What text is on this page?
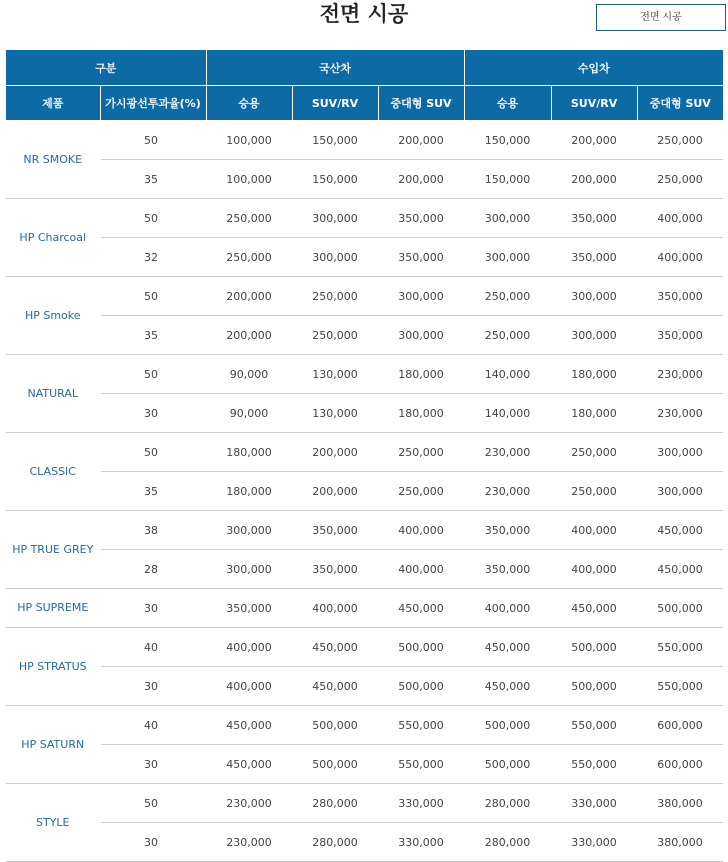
전면 시공	전면 시공
구분		국산차			수입차		
제품	가시광선투과율(%)	승용	SUV/RV	중대형 SUV	승용	SUV/RV	중대형 SUV
NR SMOKE	50	100,000	150,000	200,000	150,000	200,000	250,000
	35	100,000	150,000	200,000	150,000	200,000	250,000
HP Charcoal	50	250,000	300,000	350,000	300,000	350,000	400,000
	32	250,000	300,000	350,000	300,000	350,000	400,000
HP Smoke	50	200,000	250,000	300,000	250,000	300,000	350,000
	35	200,000	250,000	300,000	250,000	300,000	350,000
NATURAL	50	90,000	130,000	180,000	140,000	180,000	230,000
	30	90,000	130,000	180,000	140,000	180,000	230,000
CLASSIC	50	180,000	200,000	250,000	230,000	250,000	300,000
	35	180,000	200,000	250,000	230,000	250,000	300,000
HP TRUE GREY	38	300,000	350,000	400,000	350,000	400,000	450,000
	28	300,000	350,000	400,000	350,000	400,000	450,000
HP SUPREME	30	350,000	400,000	450,000	400,000	450,000	500,000
HP STRATUS	40	400,000	450,000	500,000	450,000	500,000	550,000
	30	400,000	450,000	500,000	450,000	500,000	550,000
HP SATURN	40	450,000	500,000	550,000	500,000	550,000	600,000
	30	450,000	500,000	550,000	500,000	550,000	600,000
STYLE	50	230,000	280,000	330,000	280,000	330,000	380,000
	30	230,000	280,000	330,000	280,000	330,000	380,000
